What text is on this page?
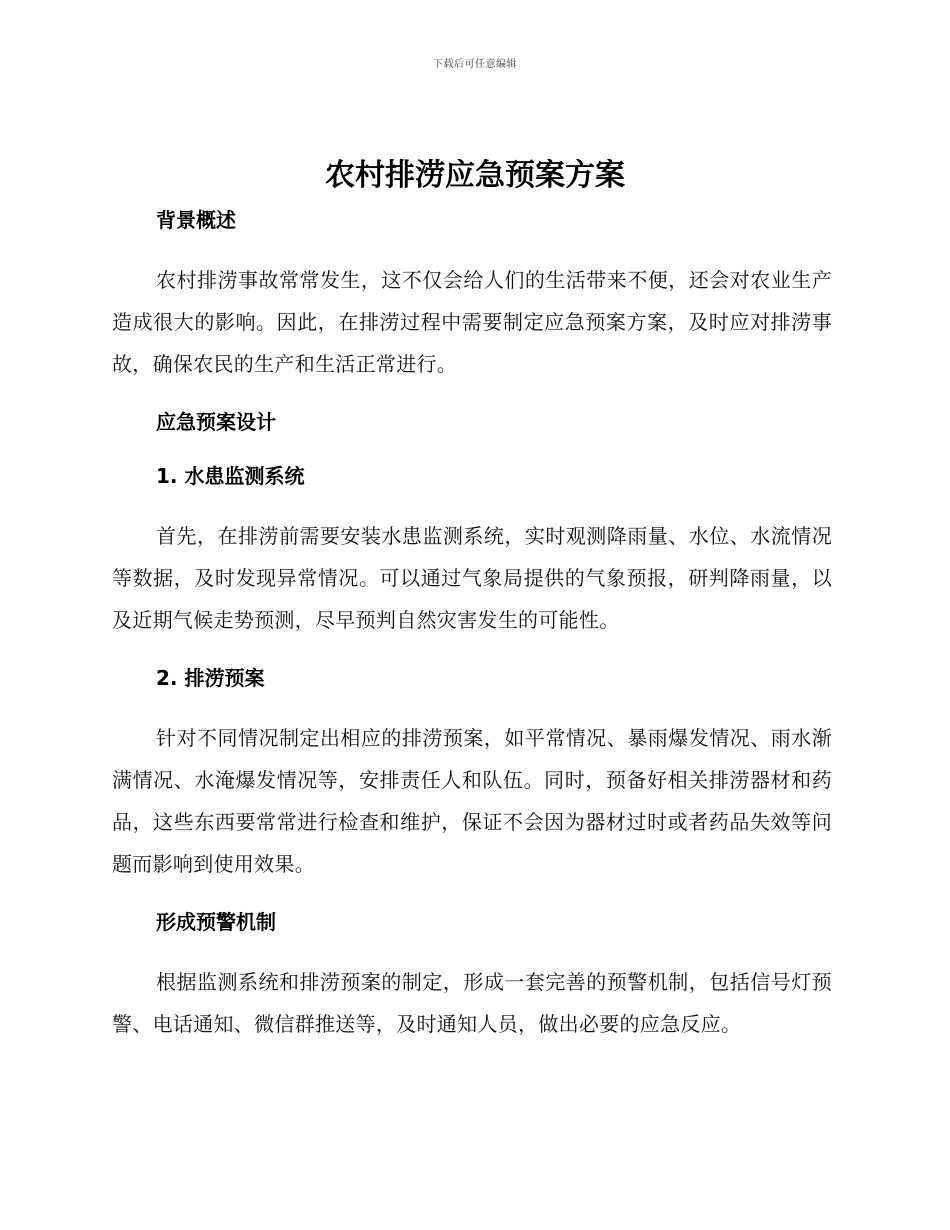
下载后可任意编辑
农村排涝应急预案方案
背景概述

农村排涝事故常常发生，这不仅会给人们的生活带来不便，还会对农业生产造成很大的影响。因此，在排涝过程中需要制定应急预案方案，及时应对排涝事故，确保农民的生产和生活正常进行。

应急预案设计
1. 水患监测系统

首先，在排涝前需要安装水患监测系统，实时观测降雨量、水位、水流情况等数据，及时发现异常情况。可以通过气象局提供的气象预报，研判降雨量，以及近期气候走势预测，尽早预判自然灾害发生的可能性。

2. 排涝预案

针对不同情况制定出相应的排涝预案，如平常情况、暴雨爆发情况、雨水渐满情况、水淹爆发情况等，安排责任人和队伍。同时，预备好相关排涝器材和药品，这些东西要常常进行检查和维护，保证不会因为器材过时或者药品失效等问题而影响到使用效果。

形成预警机制

根据监测系统和排涝预案的制定，形成一套完善的预警机制，包括信号灯预警、电话通知、微信群推送等，及时通知人员，做出必要的应急反应。
